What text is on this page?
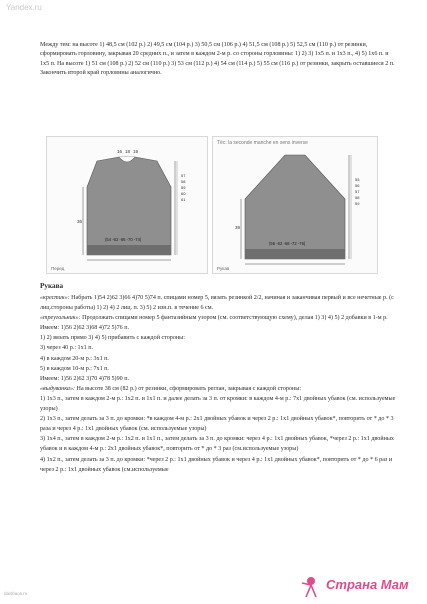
Yandex.ru
Между тем: на высоте 1) 48,5 см (102 р.) 2) 49,5 см (104 р.) 3) 50,5 см (106 р.) 4) 51,5 см (108 р.) 5) 52,5 см (110 р.) от резинки, сформировать горловину, закрывая 20 средних п., и затем в каждом 2-м р. со стороны горловины: 1) 2) 3) 1x5 п. и 1x3 п., 4) 5) 1x6 п. и 1x5 п. На высоте 1) 51 см (108 р.) 2) 52 см (110 р.) 3) 53 см (112 р.) 4) 54 см (114 р.) 5) 55 см (116 р.) от резинки, закрыть оставшиеся 2 п. Закончить второй край горловины аналогично.
16 18 19
36
57
58
59
60
61
(54 -62 -66 -70 -74)
Перед
Тёс: la seconde manche en sens inverse
39
55
56
57
58
59
(56 -62 -68 -72 -76)
Рукав
Рукава

«крестик»: Набрать 1)54 2)62 3)66 4)70 5)74 п. спицами номер 5, вязать резинкой 2/2, начиная и заканчивая первый и все нечетные р. (с лиц.стороны работы) 1) 2) 4) 2 лиц. п. 3) 5) 2 изн.п. в течение 6 см.

«треугольник»: Продолжать спицами номер 5 фантазийным узором (см. соответствующую схему), делая 1) 3) 4) 5) 2 добавки в 1-м р. Имеем: 1)56 2)62 3)68 4)72 5)76 п.

1) 2) вязать прямо 3) 4) 5) прибавить с каждой стороны:

3) через 40 р.: 1x1 п.

4) в каждом 20-м р.: 3x1 п.

5) в каждом 10-м р.: 7x1 п.

Имеем: 1)56 2)62 3)70 4)78 5)90 п.

«выдуванка»: На высоте 38 см (82 р.) от резинки, сформировать реглан, закрывая с каждой стороны:

1) 1x3 п., затем в каждом 2-м р.: 1x2 п. и 1x1 п. и далее делать за 3 п. от кромки: в каждом 4-м р.: 7x1 двойных убавок (см. используемые узоры)

2) 1x3 п., затем делать за 3 п. до кромки: *в каждом 4-м р.: 2x1 двойных убавок и через 2 р.: 1x1 двойных убавок*, повторить от * до * 3 раза и через 4 р.: 1x1 двойных убавок (см. используемые узоры)

3) 1x4 п., затем в каждом 2-м р.: 1x2 п. и 1x1 п., затем делать за 3 п. до кромки: через 4 р.: 1x1 двойных убавок, *через 2 р.: 1x1 двойных убавок и в каждом 4-м р.: 2x1 двойных убавок*, повторить от * до * 3 раз (см.используемые узоры)

4) 1x2 п., затем делать за 3 п. до кромки: *через 2 р.: 1x1 двойных убавок и через 4 р.: 1x1 двойных убавок*, повторить от * до * 6 раз и через 2 р.: 1x1 двойных убавок (см.используемые

daisbaos.ru
Страна Мам
